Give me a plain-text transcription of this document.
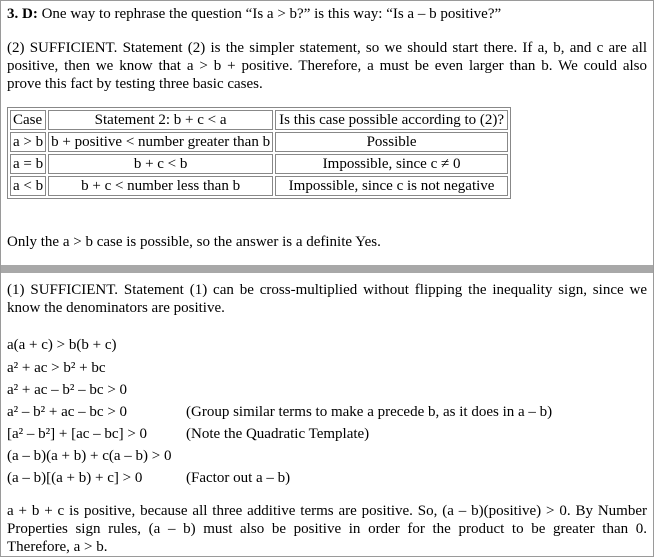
3. D: One way to rephrase the question “Is a > b?” is this way: “Is a – b positive?”
(2) SUFFICIENT. Statement (2) is the simpler statement, so we should start there. If a, b, and c are all
positive, then we know that a > b + positive. Therefore, a must be even larger than b. We could also
prove this fact by testing three basic cases.
Case	Statement 2: b + c < a	Is this case possible according to (2)?
a > b	b + positive < number greater than b	Possible
a = b	b + c < b	Impossible, since c ≠ 0
a < b	b + c < number less than b	Impossible, since c is not negative
Only the a > b case is possible, so the answer is a definite Yes.
(1) SUFFICIENT. Statement (1) can be cross-multiplied without flipping the inequality sign, since we
know the denominators are positive.
a(a + c) > b(b + c)
a² + ac > b² + bc
a² + ac – b² – bc > 0
a² – b² + ac – bc > 0	(Group similar terms to make a precede b, as it does in a – b)
[a² – b²] + [ac – bc] > 0	(Note the Quadratic Template)
(a – b)(a + b) + c(a – b) > 0
(a – b)[(a + b) + c] > 0	(Factor out a – b)
a + b + c is positive, because all three additive terms are positive. So, (a – b)(positive) > 0. By Number
Properties sign rules, (a – b) must also be positive in order for the product to be greater than 0.
Therefore, a > b.
